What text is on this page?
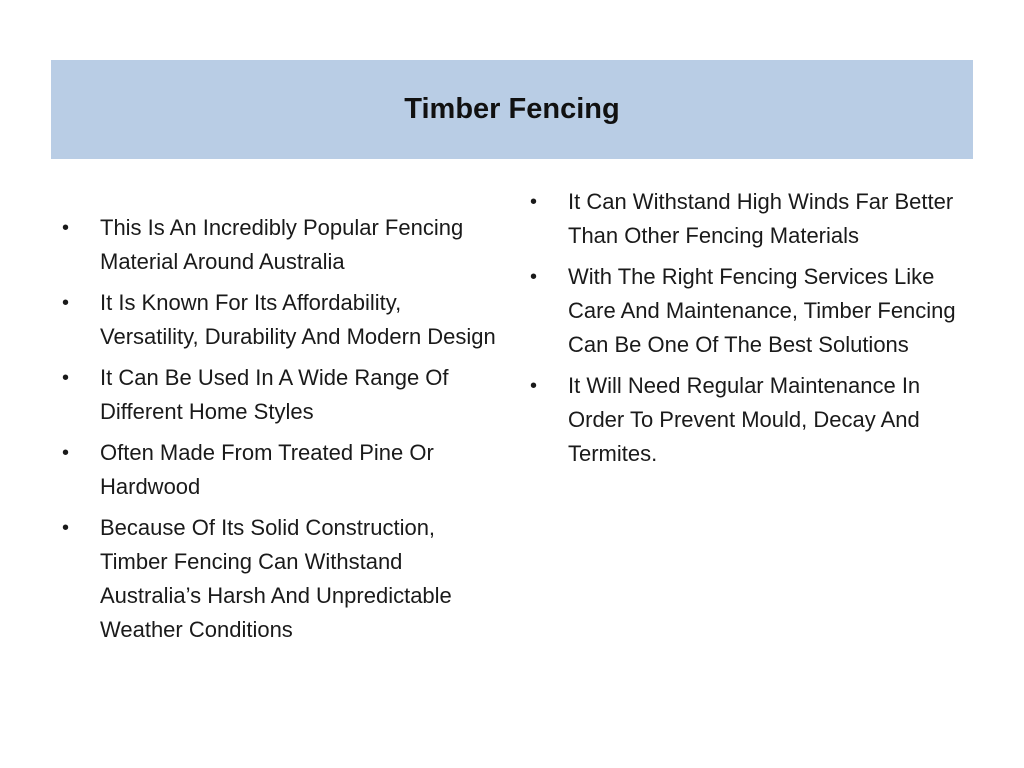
Timber Fencing
•	This Is An Incredibly Popular Fencing Material Around Australia
•	It Is Known For Its Affordability, Versatility, Durability And Modern Design
•	It Can Be Used In A Wide Range Of Different Home Styles
•	Often Made From Treated Pine Or Hardwood
•	Because Of Its Solid Construction, Timber Fencing Can Withstand Australia’s Harsh And Unpredictable Weather Conditions
•	It Can Withstand High Winds Far Better Than Other Fencing Materials
•	With The Right Fencing Services Like Care And Maintenance, Timber Fencing Can Be One Of The Best Solutions
•	It Will Need Regular Maintenance In Order To Prevent Mould, Decay And Termites.
